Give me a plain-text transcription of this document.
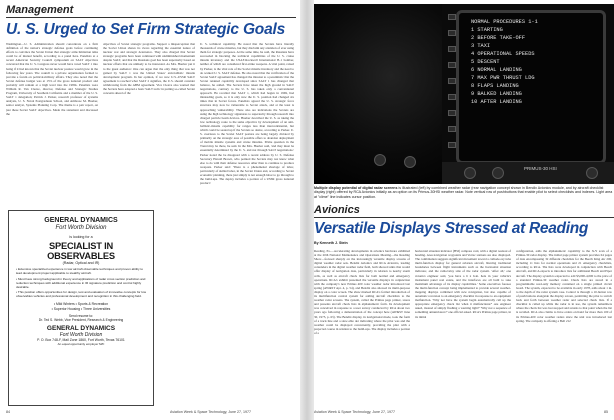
Management
U. S. Urged to Set Firm Strategic Goals
Washington—U. S. Administration should concentrate on a firm definition of the nation's strategic defense goals before continuing efforts to convince the Soviet Union that strategic arms limitation talks could be of mutual benefit, according to a panel here. Panelists at a recent American Security Council symposium on SALT objectives concurred that the U. S. Congress never would have voted SALT 1 into being if it had known that the Soviet nuclear posture would grow in the following few years. The council is a private organization formed to provide a forum on political-military affairs. They also noted that the Soviet defense budget was at 15% of the gross national product and probably will remain at a high level into the 1980s. Panelists were William R. Van Cleave, director, Defense and Strategic Studies Program, University of Southern California and a member of the U. S. SALT 1 delegation; Patrick J. Parker, research professor of systems analysis, U. S. Naval Postgraduate School, and Ambrose M. Hueber, senior analyst, Systems Planning Corp. The theme is a pair report, on just these Soviet SALT objectives. Made the statement and discussed the
objectives of Soviet strategic programs. Support a misperception that the Soviet Union shares its views regarding the essential nature of nuclear war and strategic deterrence. They also charged that Soviet strategic programs have been continued with undiminished momentum despite SALT, and that the Russians goal has been superiority based on nuclear efforts that are unlikely to be interested. As Mrs. Hueber put it to the guest audience: One can argue that the only thing that was not gained by SALT 1 was the United States' anti-ballistic missile development program. In her opinion, if we now U.S.-USSR SALT agreement is reached what SALT 2 signifies, the U.S. should consider withdrawing from the ABM agreement. Vice Cleave also warned that the Soviets have adopted a basic SALT tactic in putting so-called Soviet concerns ahead of the
U. S. technical capability. He noted that the Soviets have literally thousands of cruise missiles, but they disclaim any attention of ever using them for strategic purposes. At the same time, he said, the Russians have succeeded in blocking the technical capabilities of the U. S. cruise missile inventory and the USAF-Rockwell International B-1 bomber, neither of which are considered first-strike weapons. A vital point, raised by Parker, is the vital role of the Soviet missile inventory and the need to do wanted U. S. SALT defense. He also noted that the verification of the Soviet SALT agreement has changed the mission to a pessimistic that the Soviet retained capability developed since SALT 1 has changed that balance, he added. The Soviets have taken the high ground in SALT negotiations, contrary to the U. S. has taken only a conventional approach. He recalled that SALT 1, which had begun in 1969, had misleading goals, so it is only now the U. S. position had changed six times that in Soviet forces. Panelists agreed the U. S. strategic force structure may now be vulnerable to Soviet attack, and at the least is approaching vulnerability. There also are indications the Soviets are using the high technology signatures to superiority through research into charged particle beam devices. Hueber described the U. S. as taking the low technology route to the same objective by development of an anti-ballistic-missile capability for ranges less than intercontinental, but which could be sealed up if the Soviets so desire, according to Parker. U. S. overtures to the Soviet SALT posture are being largely dictated by primarily on the strategic area of possible offers to abandon deployment of mobile missile systems and cruise missiles. Prime question in the Trend may be there, he said. In the Mrs. Hueber said, 'and they must be essentially determined by the U. S. and not through SALT negotiations.' Parker noted the be disagreed with a recent address by U. S. Defense Secretary Harold Brown, who pointed the Soviets may not know what else to do with their defense resources other than to continue to produce weapons. Parker said: 'There is a phenomenal shortage of labor, particularly of skilled labor, in the Soviet Union and, according to Soviet economic planning, there just simply is not enough labor to go through to the build-ups. The deploy includes a portion of a USSR gross national product.'
GENERAL DYNAMICS
Fort Worth Division
is looking for a
SPECIALIST IN OBSERVABLES
(Radar, Optical and IR)
• Extensive specialized experience in low aircraft observable techniques and proven ability to lead development project applicable to stealthy aircraft.
• Must have strong background in theory and applications of radar cross section prediction and reduction techniques with additional experience in IR signature prediction and control highly desirable.
• This position offers opportunities for design, test and evaluation of innovative concepts for low observables vehicles and professional development and recognition in this challenging field.
• Mild Winters • Sports & Recreation
• Superior Housing • Three Universities
Send resume to:
Dr. Ted S. Webb, Vice President, Research & Engineering
GENERAL DYNAMICS
Fort Worth Division
P. O. Box 748-F, Mail Zone 1860, Fort Worth, Texas 76101
An equal opportunity employer M/F
84	Aviation Week & Space Technology, June 27, 1977
NORMAL PROCEDURES 1-1
1 STARTING
2 BEFORE TAKE-OFF
3 TAXI
4 OPERATIONAL SPEEDS
5 DESCENT
6 NORMAL LANDING
7 MAX PWR THRUST LDG
8 FLAPS LANDING
9 BALKED LANDING
10 AFTER LANDING
PRIMUS-30 HSI
Multiple display potential of digital radar screens is illustrated (left) by combined weather radar (rear navigation concept shown in Bendix Avionics module, and by aircraft checklist display (right) offered by RCA Avionics initially as an option on its Primus-30HSI weather radar. Note vertical row of pushbuttons that enable pilot to select checklists and indexes. Light area at "clime" line indicates cursor position.
Avionics
Versatile Displays Stressed at Reading
By Kenneth J. Stein
Reading, Pa.—Accelerating developments in avionics hardware exhibited at the 20th National Maintenance and Operations Meeting—the Reading Show—focused sharply on the increasingly versatile display screens of digital weather radar sets. Bendix Avionics and RCA Avionics, leading contenders in the digital weather radar field, both showed units that would offer display of navigation data, particularly in relation to nearby storm cells, as well as aircraft check lists for both normal and emergency operations. RCA's exhibit presented the versatile displays in conjunction with the company's new Primus 400 color weather radar introduced last spring (AW&ST Apr. 4, p. 54), and Bendix also showed its multi-purpose display on a color screen. The show marked RCA's formal introduction of its multifunction control system for adding aircraft checklists to the weather radar screens. The system, called the Primus page printer, stores and presents aircraft check lists in alphanumeric form. Its development was conceived in response to a user survey conducted by RCA about two years ago following a demonstration of the concept here (AW&ST June 30, 1975, p. 63). The Bendix display, in navigational mode, took the form of a track line and a slew-able dot indicating where the pilot was and the weather could be displayed concurrently, providing the pilot with a projected course in relation to the build-ups. The display includes a portion of a
horizontal situation indicator (HSI) compass card, with a digital readout of heading. Area navigation waypoints and Vortac stations are also displayed. The combination suggests significant movement toward a cathode-ray tube multi-function display for general aviation aircraft, blurring traditional boundaries between flight instruments such as the horizontal situation indicator, and the radio/relay side of the radar system. 'After all,' one avionics engineer said, 'you have a 6 x 6-in. hole in your vehicle's instrument panel real estate, and the interfaces are all built to take maximum advantage of its display capabilities.' Some executives foresee the multi-function concept being implemented to provide several weather-mapping displays combined with new navigation, but also capable of automatic reversion to an emergency checklist in response to an equipment malfunction. 'Why not have the system begin automatically call up the appropriate emergency check list when it malfunctions?' one engineer asked, instead of simply flashing a warning light?' 'Why not a sequence of something annunciators?' one official asked. RCA's Primus page printer, in its initial
configuration, adds the alphanumeric capability to the X-Y scan of a Primus-30 radar display. The initial page printer system provides 64 pages of data encompassing 32 different checklists for the Beech King Air 200, including 11 lists for normal operations and 21 emergency checklists, according to RCA. The lists were developed in conjunction with Beech Aircraft, and RCA expects to introduce lists for additional Beech and Piper aircraft. The display system is expected to add $3,000-4,000 to the price of a standard Primus-30 weather radar. Check lists are stored in a programmable read-only memory contained on a single printed circuit board. The system, expected to be available in early 1978, adds about 1 in. to the depth of the radar system case. Control is through a 10-button row of push buttons alongside the display screen, permitting the pilot to switch back and forth between weather radar and selected check lists. If a checklist is called up while the radar is in use, the system remembers where the check list was last stopped and returns to that point when the list is recalled. RCA also claims to have orders on hand for more than 100 of its Primus-400 color weather radars since the unit was introduced last spring. The company is offering a Bell 212
Aviation Week & Space Technology, June 27, 1977	85
